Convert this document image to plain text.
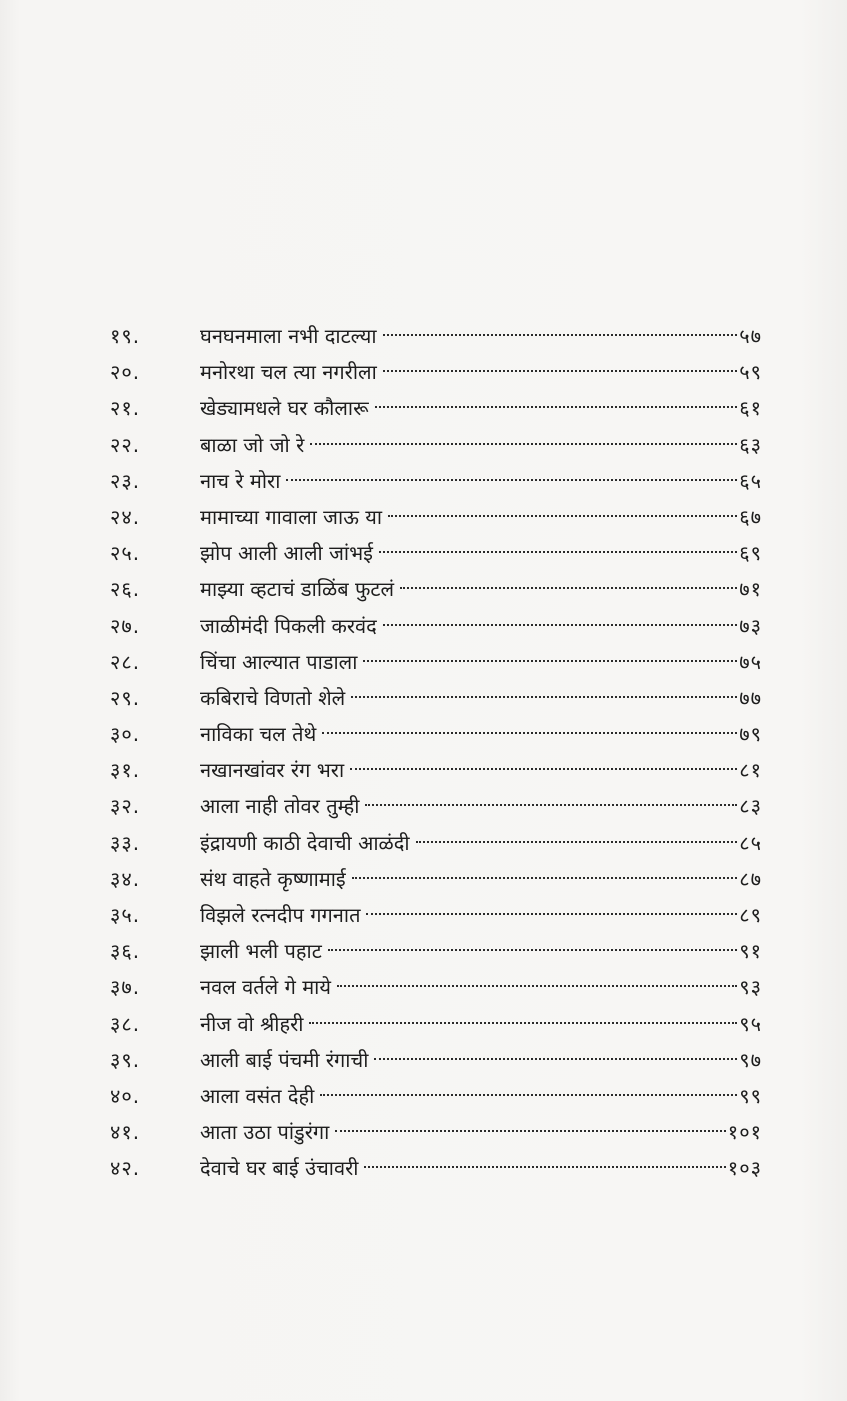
१९.	घनघनमाला नभी दाटल्या	५७
२०.	मनोरथा चल त्या नगरीला	५९
२१.	खेड्यामधले घर कौलारू	६१
२२.	बाळा जो जो रे	६३
२३.	नाच रे मोरा	६५
२४.	मामाच्या गावाला जाऊ या	६७
२५.	झोप आली आली जांभई	६९
२६.	माझ्या व्हटाचं डाळिंब फुटलं	७१
२७.	जाळीमंदी पिकली करवंद	७३
२८.	चिंचा आल्यात पाडाला	७५
२९.	कबिराचे विणतो शेले	७७
३०.	नाविका चल तेथे	७९
३१.	नखानखांवर रंग भरा	८१
३२.	आला नाही तोवर तुम्ही	८३
३३.	इंद्रायणी काठी देवाची आळंदी	८५
३४.	संथ वाहते कृष्णामाई	८७
३५.	विझले रत्नदीप गगनात	८९
३६.	झाली भली पहाट	९१
३७.	नवल वर्तले गे माये	९३
३८.	नीज वो श्रीहरी	९५
३९.	आली बाई पंचमी रंगाची	९७
४०.	आला वसंत देही	९९
४१.	आता उठा पांडुरंगा	१०१
४२.	देवाचे घर बाई उंचावरी	१०३
